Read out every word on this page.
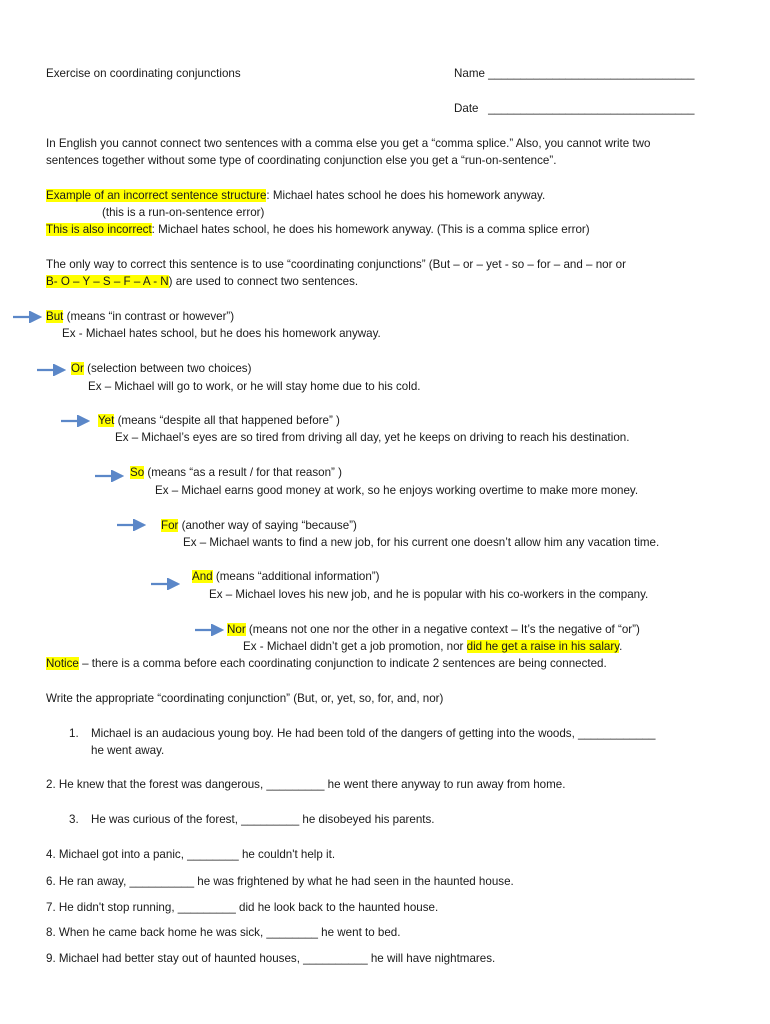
Exercise on coordinating conjunctions	Name ________________________________
Date ________________________________
In English you cannot connect two sentences with a comma else you get a “comma splice.” Also, you cannot write two
sentences together without some type of coordinating conjunction else you get a “run-on-sentence”.
Example of an incorrect sentence structure: Michael hates school he does his homework anyway.
(this is a run-on-sentence error)
This is also incorrect: Michael hates school, he does his homework anyway. (This is a comma splice error)
The only way to correct this sentence is to use “coordinating conjunctions” (But – or – yet - so – for – and – nor or
B- O – Y – S – F – A - N) are used to connect two sentences.
But (means “in contrast or however”)
Ex - Michael hates school, but he does his homework anyway.
Or (selection between two choices)
Ex – Michael will go to work, or he will stay home due to his cold.
Yet (means “despite all that happened before” )
Ex – Michael’s eyes are so tired from driving all day, yet he keeps on driving to reach his destination.
So (means “as a result / for that reason” )
Ex – Michael earns good money at work, so he enjoys working overtime to make more money.
For (another way of saying “because”)
Ex – Michael wants to find a new job, for his current one doesn’t allow him any vacation time.
And (means “additional information”)
Ex – Michael loves his new job, and he is popular with his co-workers in the company.
Nor (means not one nor the other in a negative context – It’s the negative of “or”)
Ex - Michael didn’t get a job promotion, nor did he get a raise in his salary.
Notice – there is a comma before each coordinating conjunction to indicate 2 sentences are being connected.
Write the appropriate “coordinating conjunction” (But, or, yet, so, for, and, nor)
1. Michael is an audacious young boy. He had been told of the dangers of getting into the woods, ____________
he went away.
2. He knew that the forest was dangerous, _________ he went there anyway to run away from home.
3. He was curious of the forest, _________ he disobeyed his parents.
4. Michael got into a panic, ________ he couldn't help it.
6. He ran away, __________ he was frightened by what he had seen in the haunted house.
7. He didn't stop running, _________ did he look back to the haunted house.
8. When he came back home he was sick, ________ he went to bed.
9. Michael had better stay out of haunted houses, __________ he will have nightmares.
